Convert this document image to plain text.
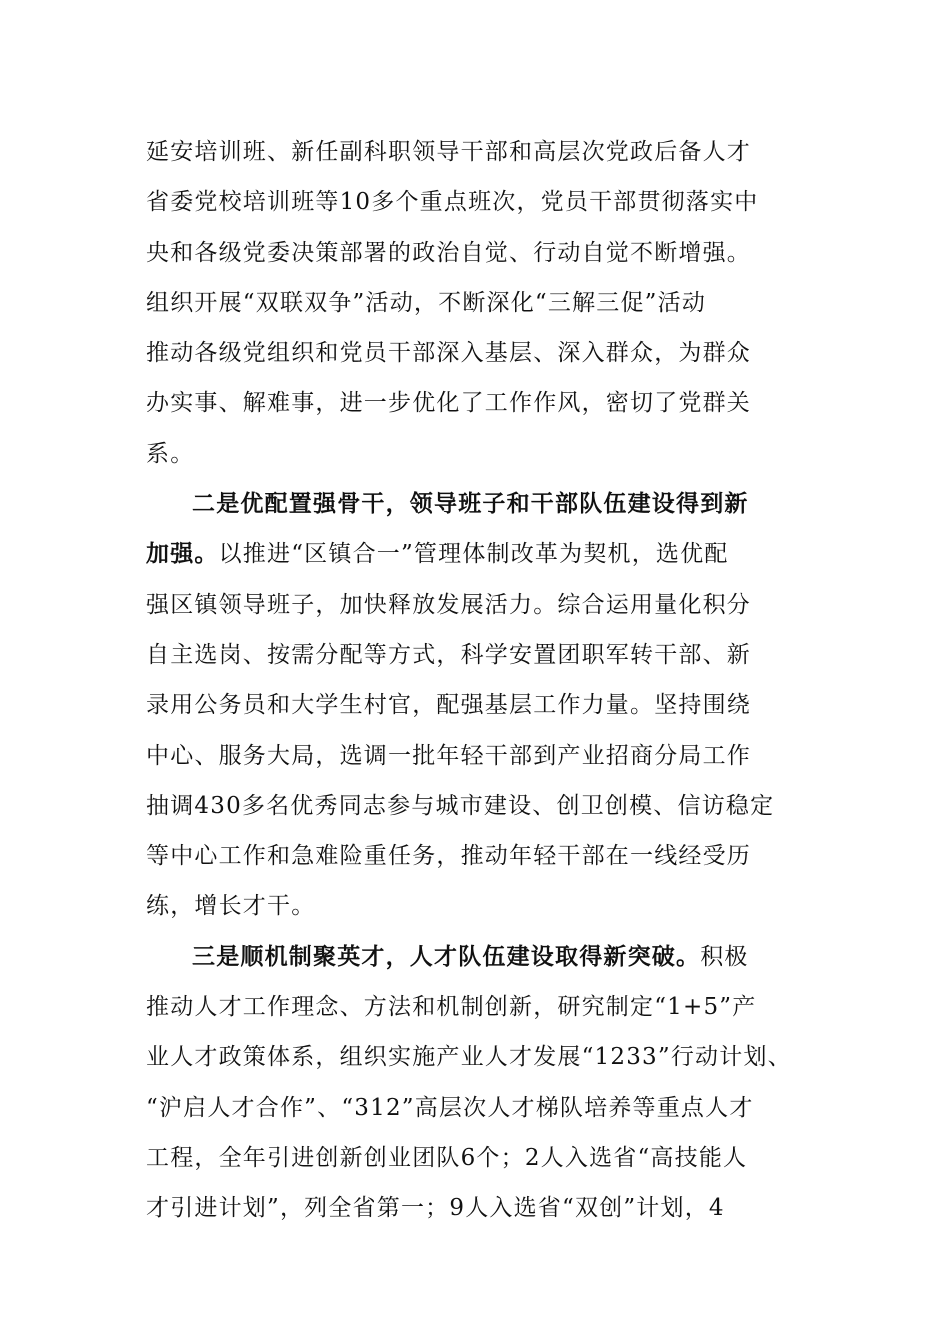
延安培训班、新任副科职领导干部和高层次党政后备人才
省委党校培训班等10多个重点班次，党员干部贯彻落实中
央和各级党委决策部署的政治自觉、行动自觉不断增强。
组织开展“双联双争”活动，不断深化“三解三促”活动
推动各级党组织和党员干部深入基层、深入群众，为群众
办实事、解难事，进一步优化了工作作风，密切了党群关
系。
二是优配置强骨干，领导班子和干部队伍建设得到新
加强。以推进“区镇合一”管理体制改革为契机，选优配
强区镇领导班子，加快释放发展活力。综合运用量化积分
自主选岗、按需分配等方式，科学安置团职军转干部、新
录用公务员和大学生村官，配强基层工作力量。坚持围绕
中心、服务大局，选调一批年轻干部到产业招商分局工作
抽调430多名优秀同志参与城市建设、创卫创模、信访稳定
等中心工作和急难险重任务，推动年轻干部在一线经受历
练，增长才干。
三是顺机制聚英才，人才队伍建设取得新突破。积极
推动人才工作理念、方法和机制创新，研究制定“1+5”产
业人才政策体系，组织实施产业人才发展“1233”行动计划、
“沪启人才合作”、“312”高层次人才梯队培养等重点人才
工程，全年引进创新创业团队6个；2人入选省“高技能人
才引进计划”，列全省第一；9人入选省“双创”计划，4
